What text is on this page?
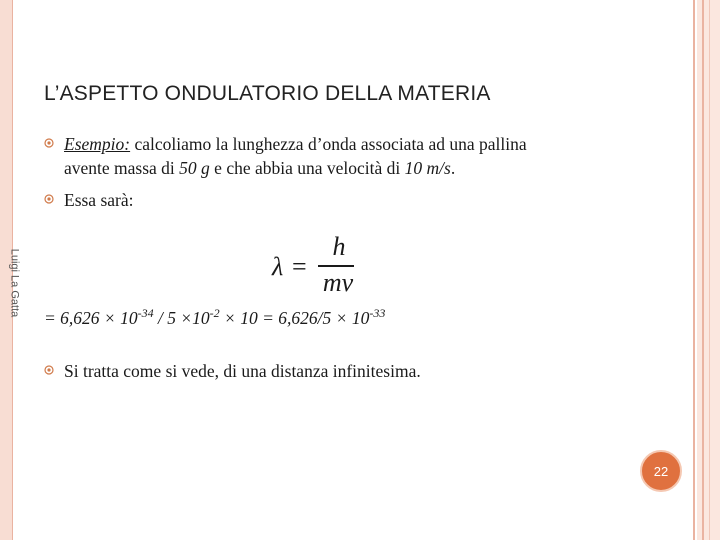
Luigi La Gatta
L’ASPETTO ONDULATORIO DELLA MATERIA
Esempio: calcoliamo la lunghezza d’onda associata ad una pallina
avente massa di 50 g e che abbia una velocità di 10 m/s.
Essa sarà:
λ =
h
mv
= $6,626 \times 10^{-34} / 5 \times 10^{-2} \times 10 = 6,626/5 \times 10^{-33}$
Si tratta come si vede, di una distanza infinitesima.
22
